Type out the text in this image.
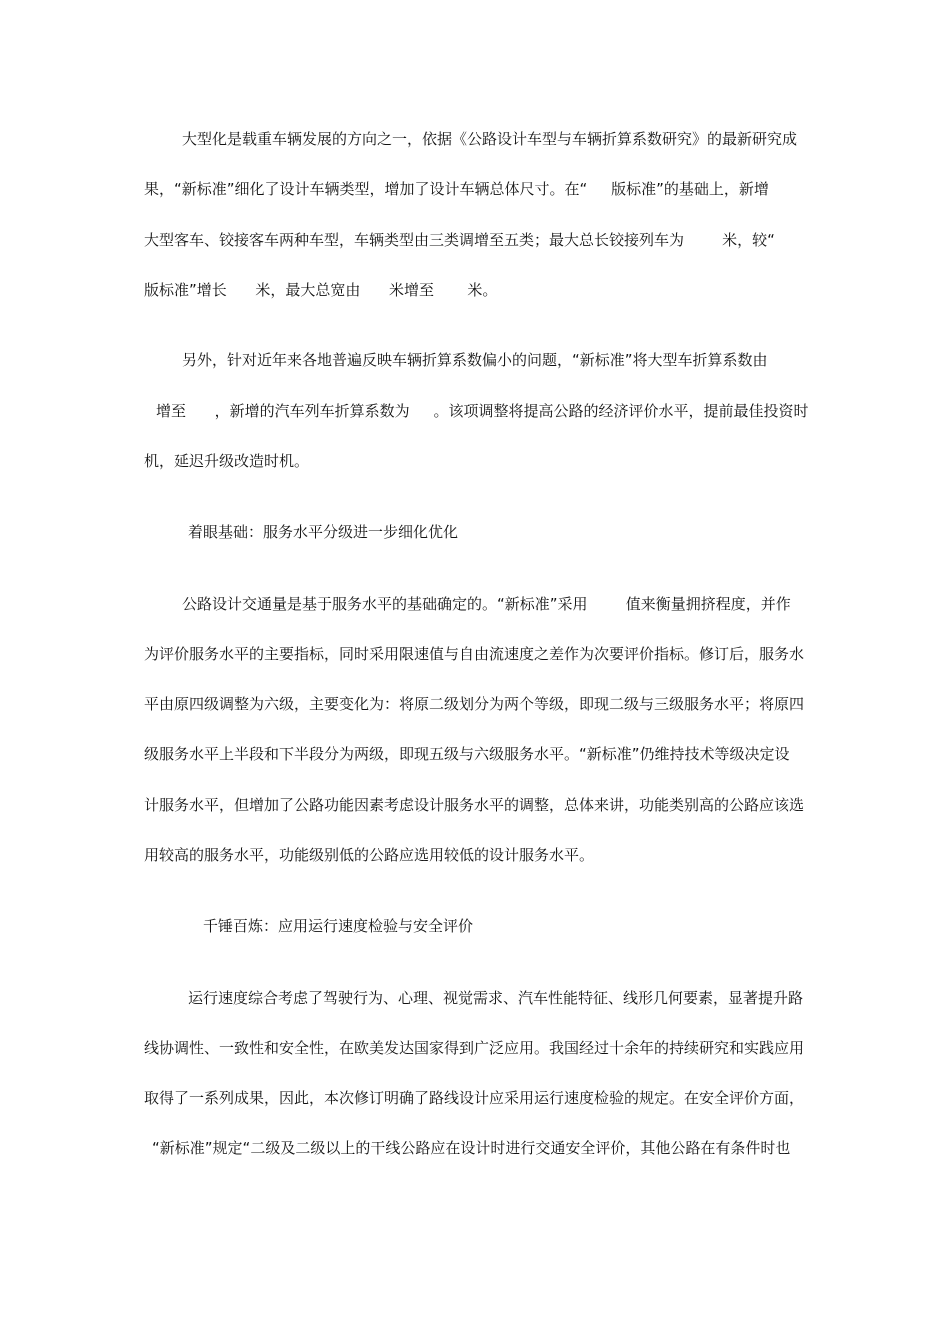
大型化是载重车辆发展的方向之一，依据《公路设计车型与车辆折算系数研究》的最新研究成
果，“新标准”细化了设计车辆类型，增加了设计车辆总体尺寸。在“     版标准”的基础上，新增
大型客车、铰接客车两种车型，车辆类型由三类调增至五类；最大总长铰接列车为        米，较“
版标准”增长      米，最大总宽由      米增至       米。
另外，针对近年来各地普遍反映车辆折算系数偏小的问题，“新标准”将大型车折算系数由
增至      ，新增的汽车列车折算系数为     。该项调整将提高公路的经济评价水平，提前最佳投资时
机，延迟升级改造时机。
着眼基础：服务水平分级进一步细化优化
公路设计交通量是基于服务水平的基础确定的。“新标准”采用        值来衡量拥挤程度，并作
为评价服务水平的主要指标，同时采用限速值与自由流速度之差作为次要评价指标。修订后，服务水
平由原四级调整为六级，主要变化为：将原二级划分为两个等级，即现二级与三级服务水平；将原四
级服务水平上半段和下半段分为两级，即现五级与六级服务水平。“新标准”仍维持技术等级决定设
计服务水平，但增加了公路功能因素考虑设计服务水平的调整，总体来讲，功能类别高的公路应该选
用较高的服务水平，功能级别低的公路应选用较低的设计服务水平。
千锤百炼：应用运行速度检验与安全评价
运行速度综合考虑了驾驶行为、心理、视觉需求、汽车性能特征、线形几何要素，显著提升路
线协调性、一致性和安全性，在欧美发达国家得到广泛应用。我国经过十余年的持续研究和实践应用
取得了一系列成果，因此，本次修订明确了路线设计应采用运行速度检验的规定。在安全评价方面，
“新标准”规定“二级及二级以上的干线公路应在设计时进行交通安全评价，其他公路在有条件时也
